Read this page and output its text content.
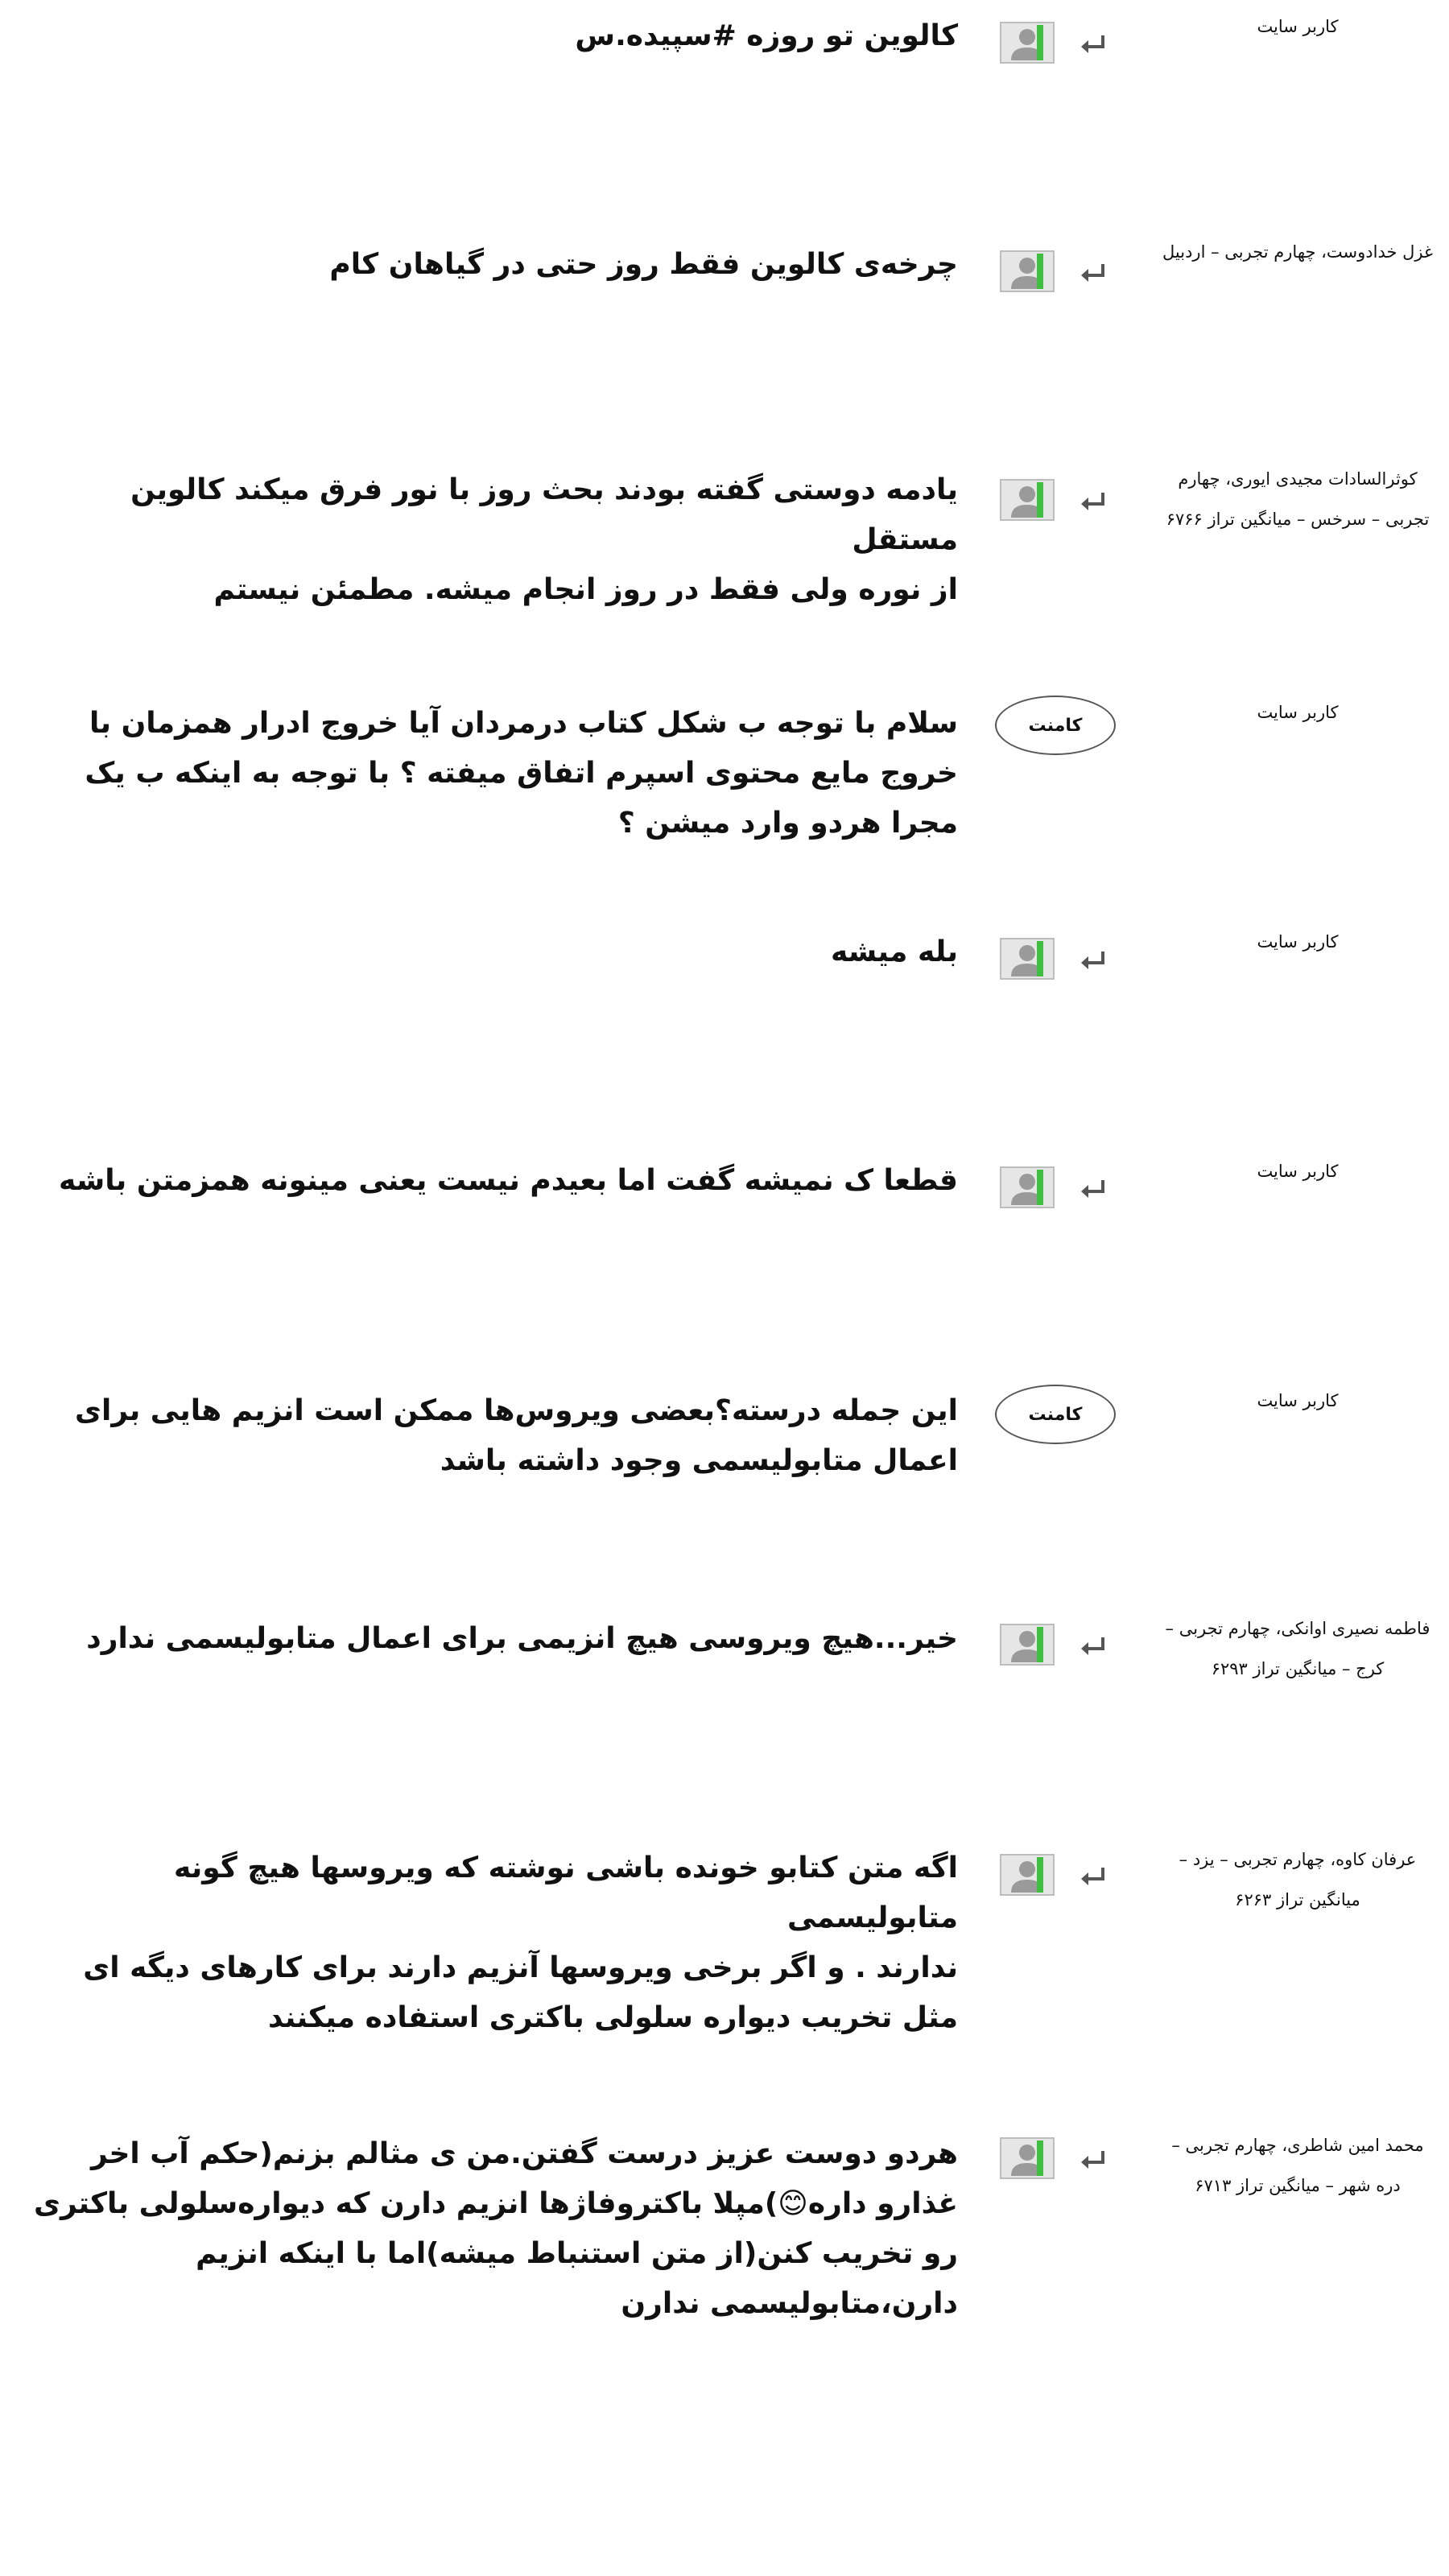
کاربر سایت
کالوین تو روزه #سپیده.س
غزل خدادوست، چهارم تجربی – اردبیل
چرخه‌ی کالوین فقط روز حتی در گیاهان کام
کوثرالسادات مجیدی ایوری، چهارم تجربی – سرخس – میانگین تراز ۶۷۶۶
یادمه دوستی گفته بودند بحث روز با نور فرق میکند کالوین مستقل
از نوره ولی فقط در روز انجام میشه. مطمئن نیستم
کاربر سایت
کامنت
سلام با توجه ب شکل کتاب درمردان آیا خروج ادرار همزمان با
خروج مایع محتوی اسپرم اتفاق میفته ؟ با توجه به اینکه ب یک
مجرا هردو وارد میشن ؟
کاربر سایت
بله میشه
کاربر سایت
قطعا ک نمیشه گفت اما بعیدم نیست یعنی مینونه همزمتن باشه
کاربر سایت
کامنت
این جمله درسته؟بعضی ویروس‌ها ممکن است انزیم هایی برای
اعمال متابولیسمی وجود داشته باشد
فاطمه نصیری اوانکی، چهارم تجربی – کرج – میانگین تراز ۶۲۹۳
خیر...هیچ ویروسی هیچ انزیمی برای اعمال متابولیسمی ندارد
عرفان کاوه، چهارم تجربی – یزد – میانگین تراز ۶۲۶۳
اگه متن کتابو خونده باشی نوشته که ویروسها هیچ گونه متابولیسمی
ندارند . و اگر برخی ویروسها آنزیم دارند برای کارهای دیگه ای
مثل تخریب دیواره سلولی باکتری استفاده میکنند
محمد امین شاطری، چهارم تجربی – دره شهر – میانگین تراز ۶۷۱۳
هردو دوست عزیز درست گفتن.من ی مثالم بزنم(حکم آب اخر
غذارو داره😊)مپلا باکتروفاژها انزیم دارن که دیواره‌سلولی باکتری
رو تخریب کنن(از متن استنباط میشه)اما با اینکه انزیم
دارن،متابولیسمی ندارن
